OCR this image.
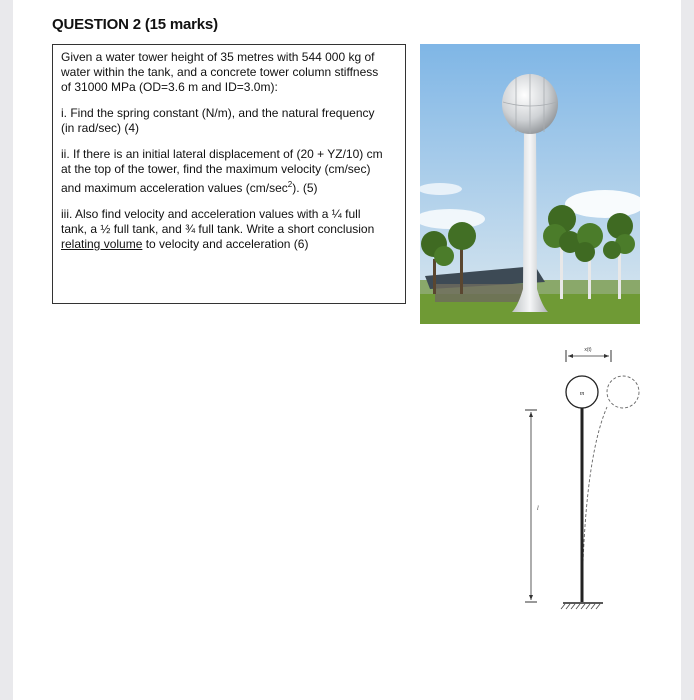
QUESTION 2 (15 marks)

Given a water tower height of 35 metres with 544 000 kg of
water within the tank, and a concrete tower column stiffness
of 31000 MPa (OD=3.6 m and ID=3.0m):

i. Find the spring constant (N/m), and the natural frequency
(in rad/sec) (4)

ii. If there is an initial lateral displacement of (20 + YZ/10) cm
at the top of the tower, find the maximum velocity (cm/sec)
and maximum acceleration values $(cm/\sec^2)$. (5)

iii. Also find velocity and acceleration values with a ¼ full
tank, a ½ full tank, and ¾ full tank. Write a short conclusion
relating volume to velocity and acceleration (6)

x(t)
l
m
